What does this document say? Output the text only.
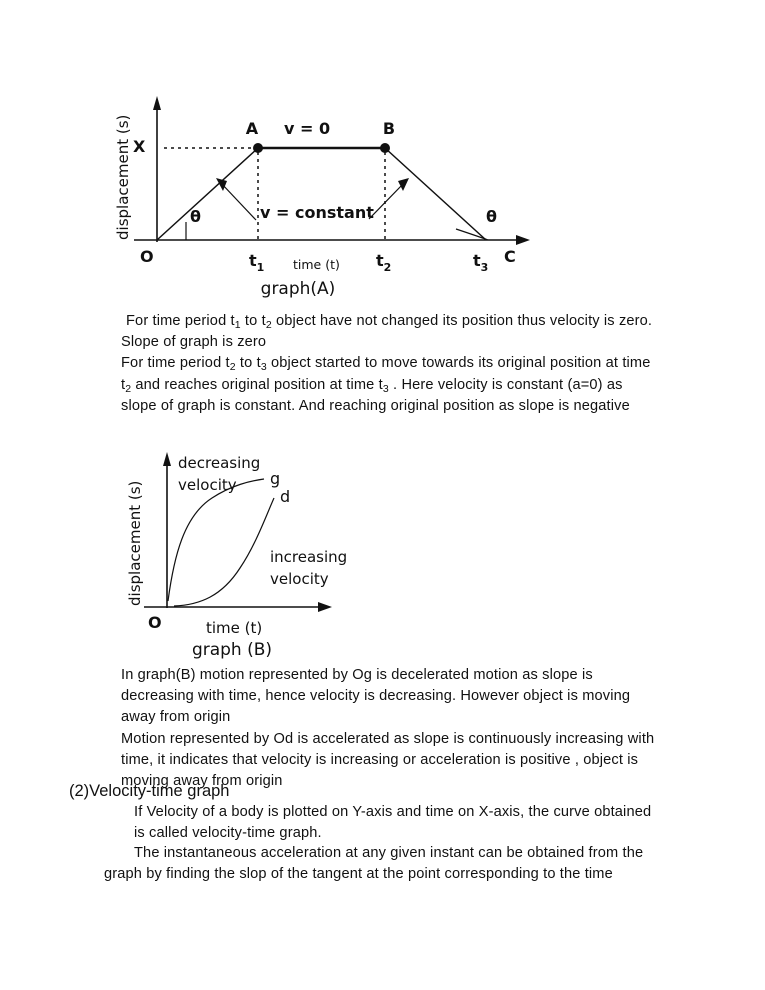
displacement (s) X
O
A	B
C
$t_1$	$t_2$	$t_3$
time (t)
v = 0
v = constant
θ	θ
graph(A)
displacement (s)
O	time (t)
graph (B)
g
d
decreasing
velocity
increasing
velocity

For time period $t_1$ to $t_2$ object have not changed its position thus velocity is zero. Slope of graph is zero

For time period $t_2$ to $t_3$ object started to move towards its original position at time $t_2$ and reaches original position at time $t_3$ . Here velocity is constant (a=0) as slope of graph is constant. And reaching original position as slope is negative

In graph(B) motion represented by Og is decelerated motion as slope is decreasing with time, hence velocity is decreasing. However object is moving away from origin

Motion represented by Od is accelerated as slope is continuously increasing with time, it indicates that velocity is increasing or acceleration is positive , object is moving away from origin

(2)Velocity-time graph

If Velocity of a body is plotted on Y-axis and time on X-axis, the curve obtained is called velocity-time graph.

The instantaneous acceleration at any given instant can be obtained from the

graph by finding the slop of the tangent at the point corresponding to the time
